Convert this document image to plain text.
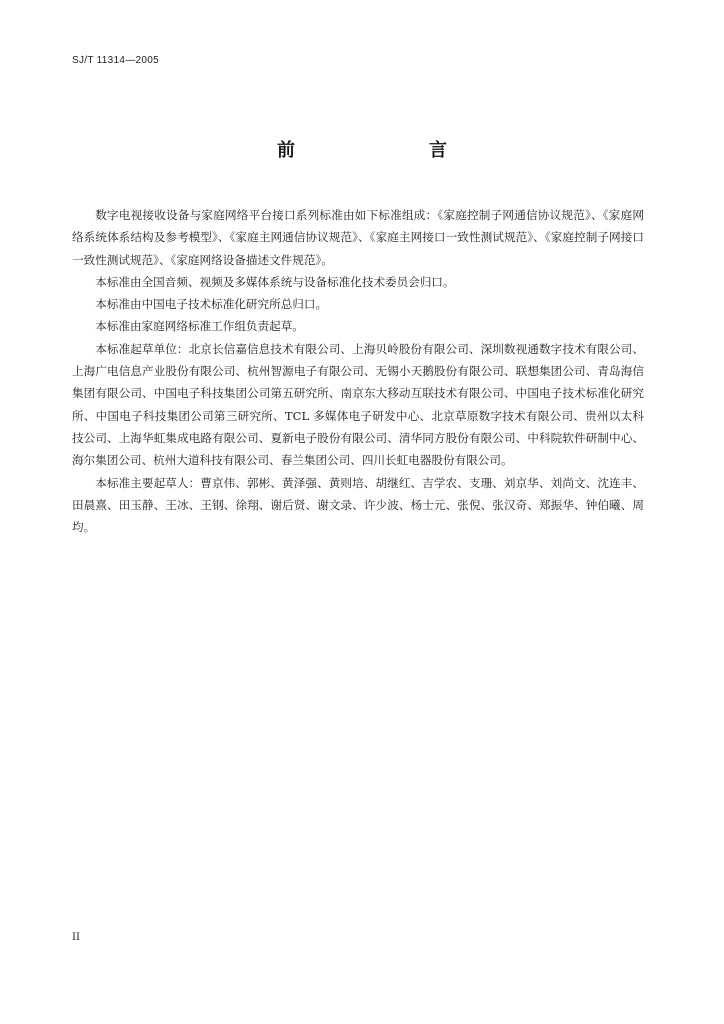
SJ/T 11314—2005
前　言

数字电视接收设备与家庭网络平台接口系列标准由如下标准组成：《家庭控制子网通信协议规范》、《家庭网络系统体系结构及参考模型》、《家庭主网通信协议规范》、《家庭主网接口一致性测试规范》、《家庭控制子网接口一致性测试规范》、《家庭网络设备描述文件规范》。

本标准由全国音频、视频及多媒体系统与设备标准化技术委员会归口。

本标准由中国电子技术标准化研究所总归口。

本标准由家庭网络标准工作组负责起草。

本标准起草单位：北京长信嘉信息技术有限公司、上海贝岭股份有限公司、深圳数视通数字技术有限公司、上海广电信息产业股份有限公司、杭州智源电子有限公司、无锡小天鹅股份有限公司、联想集团公司、青岛海信集团有限公司、中国电子科技集团公司第五研究所、南京东大移动互联技术有限公司、中国电子技术标准化研究所、中国电子科技集团公司第三研究所、TCL 多媒体电子研发中心、北京草原数字技术有限公司、贵州以太科技公司、上海华虹集成电路有限公司、夏新电子股份有限公司、清华同方股份有限公司、中科院软件研制中心、海尔集团公司、杭州大道科技有限公司、春兰集团公司、四川长虹电器股份有限公司。

本标准主要起草人：曹京伟、郭彬、黄泽强、黄则培、胡继红、吉学农、支珊、刘京华、刘尚文、沈连丰、田晨熹、田玉静、王冰、王钢、徐翔、谢后贤、谢文录、许少波、杨士元、张倪、张汉奇、郑振华、钟伯曦、周均。

II
